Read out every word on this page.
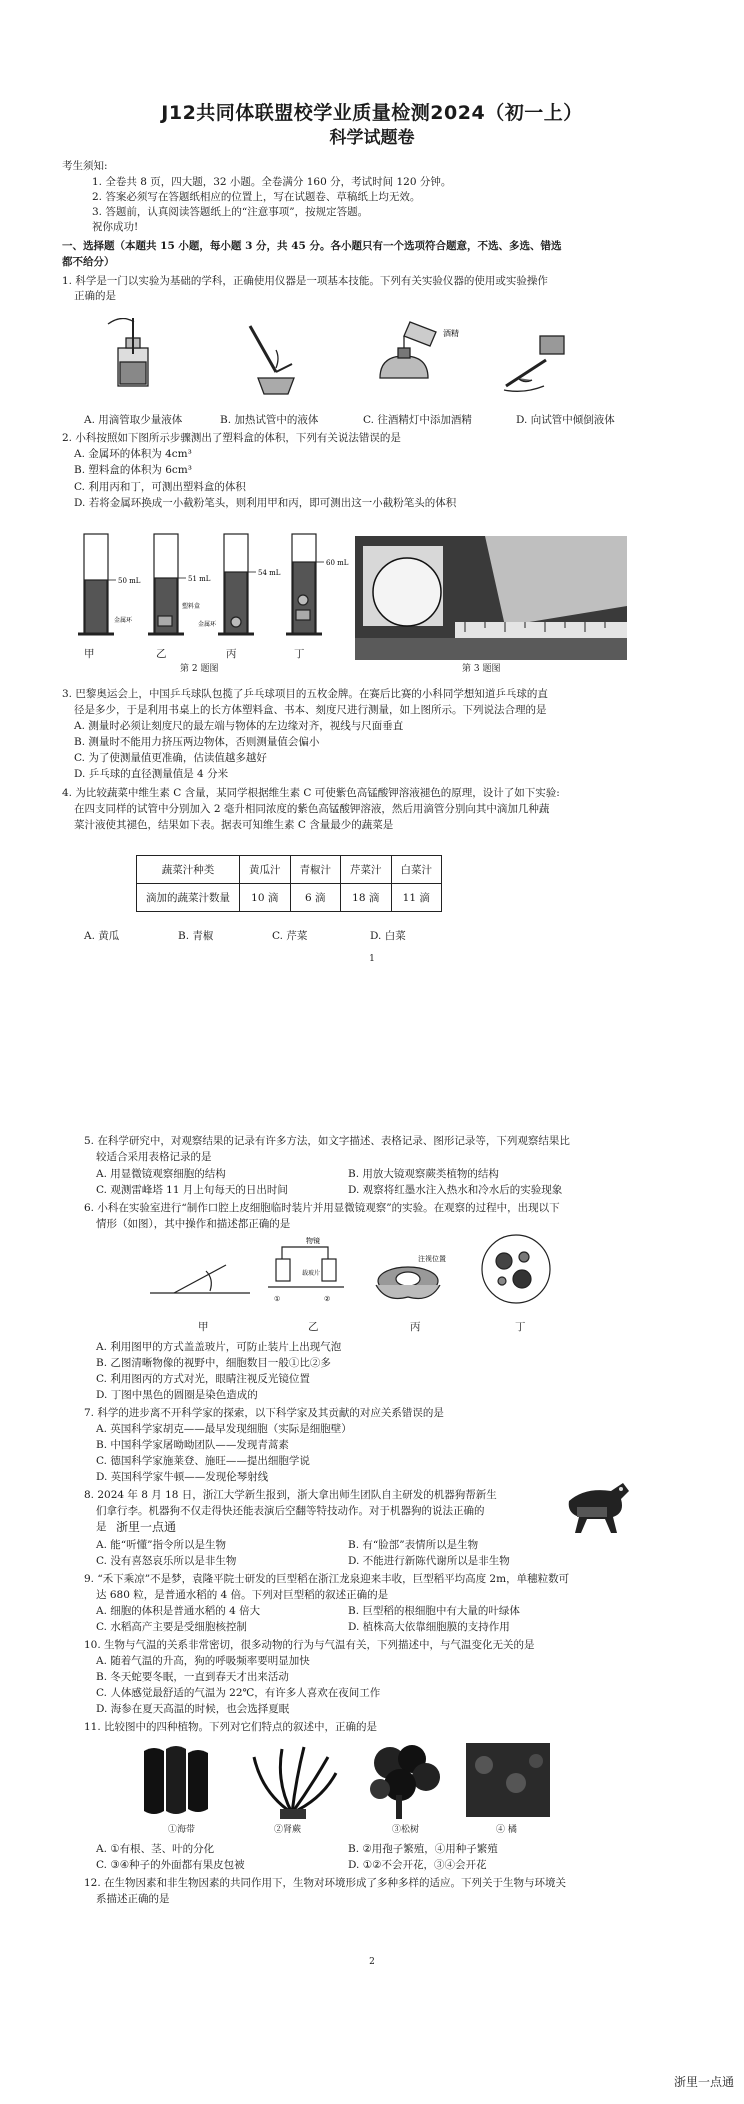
J12共同体联盟校学业质量检测2024（初一上）
科学试题卷
考生须知:
1. 全卷共 8 页，四大题，32 小题。全卷满分 160 分，考试时间 120 分钟。
2. 答案必须写在答题纸相应的位置上，写在试题卷、草稿纸上均无效。
3. 答题前，认真阅读答题纸上的“注意事项”，按规定答题。
祝你成功!
一、选择题（本题共 15 小题，每小题 3 分，共 45 分。各小题只有一个选项符合题意，不选、多选、错选
都不给分）
1. 科学是一门以实验为基础的学科，正确使用仪器是一项基本技能。下列有关实验仪器的使用或实验操作
正确的是
酒精
A. 用滴管取少量液体	B. 加热试管中的液体	C. 往酒精灯中添加酒精	D. 向试管中倾倒液体
2. 小科按照如下图所示步骤测出了塑料盒的体积，下列有关说法错误的是
A. 金属环的体积为 4cm³
B. 塑料盒的体积为 6cm³
C. 利用丙和丁，可测出塑料盒的体积
D. 若将金属环换成一小截粉笔头，则利用甲和丙，即可测出这一小截粉笔头的体积
50 mL	51 mL
54 mL
60 mL
金属环
塑料盒
金属环
甲	乙	丙	丁
第 2 题图	第 3 题图
3. 巴黎奥运会上，中国乒乓球队包揽了乒乓球项目的五枚金牌。在赛后比赛的小科同学想知道乒乓球的直
径是多少，于是利用书桌上的长方体塑料盒、书本、刻度尺进行测量，如上图所示。下列说法合理的是
A. 测量时必须让刻度尺的最左端与物体的左边缘对齐，视线与尺面垂直
B. 测量时不能用力挤压两边物体，否则测量值会偏小
C. 为了使测量值更准确，估读值越多越好
D. 乒乓球的直径测量值是 4 分米
4. 为比较蔬菜中维生素 C 含量，某同学根据维生素 C 可使紫色高锰酸钾溶液褪色的原理，设计了如下实验:
在四支同样的试管中分别加入 2 毫升相同浓度的紫色高锰酸钾溶液，然后用滴管分别向其中滴加几种蔬
菜汁液使其褪色，结果如下表。据表可知维生素 C 含量最少的蔬菜是
蔬菜汁种类	黄瓜汁	青椒汁	芹菜汁	白菜汁
滴加的蔬菜汁数量	10 滴	6 滴	18 滴	11 滴
A. 黄瓜	B. 青椒	C. 芹菜	D. 白菜
1
5. 在科学研究中，对观察结果的记录有许多方法，如文字描述、表格记录、图形记录等，下列观察结果比
较适合采用表格记录的是
A. 用显微镜观察细胞的结构	B. 用放大镜观察蕨类植物的结构
C. 观测雷峰塔 11 月上旬每天的日出时间	D. 观察将红墨水注入热水和冷水后的实验现象
6. 小科在实验室进行“制作口腔上皮细胞临时装片并用显微镜观察”的实验。在观察的过程中，出现以下
情形（如图），其中操作和描述都正确的是
物镜
载玻片
①	②
注视位置
甲	乙	丙	丁
A. 利用图甲的方式盖盖玻片，可防止装片上出现气泡
B. 乙图清晰物像的视野中，细胞数目一般①比②多
C. 利用图丙的方式对光，眼睛注视反光镜位置
D. 丁图中黑色的圆圈是染色造成的
7. 科学的进步离不开科学家的探索，以下科学家及其贡献的对应关系错误的是
A. 英国科学家胡克——最早发现细胞（实际是细胞壁）
B. 中国科学家屠呦呦团队——发现青蒿素
C. 德国科学家施莱登、施旺——提出细胞学说
D. 英国科学家牛顿——发现伦琴射线
8. 2024 年 8 月 18 日，浙江大学新生报到，浙大拿出师生团队自主研发的机器狗帮新生
们拿行李。机器狗不仅走得快还能表演后空翻等特技动作。对于机器狗的说法正确的
是 浙里一点通
A. 能“听懂”指令所以是生物	B. 有“脸部”表情所以是生物
C. 没有喜怒哀乐所以是非生物	D. 不能进行新陈代谢所以是非生物
9. “禾下乘凉”不是梦，袁隆平院士研发的巨型稻在浙江龙泉迎来丰收，巨型稻平均高度 2m，单穗粒数可
达 680 粒，是普通水稻的 4 倍。下列对巨型稻的叙述正确的是
A. 细胞的体积是普通水稻的 4 倍大	B. 巨型稻的根细胞中有大量的叶绿体
C. 水稻高产主要是受细胞核控制	D. 植株高大依靠细胞膜的支持作用
10. 生物与气温的关系非常密切，很多动物的行为与气温有关，下列描述中，与气温变化无关的是
A. 随着气温的升高，狗的呼吸频率要明显加快
B. 冬天蛇要冬眠，一直到春天才出来活动
C. 人体感觉最舒适的气温为 22℃，有许多人喜欢在夜间工作
D. 海参在夏天高温的时候，也会选择夏眠
11. 比较图中的四种植物。下列对它们特点的叙述中，正确的是
①海带	②肾蕨	③松树	④ 橘
A. ①有根、茎、叶的分化	B. ②用孢子繁殖，④用种子繁殖
C. ③④种子的外面都有果皮包被	D. ①②不会开花，③④会开花
12. 在生物因素和非生物因素的共同作用下，生物对环境形成了多种多样的适应。下列关于生物与环境关
系描述正确的是
2
浙里一点通
